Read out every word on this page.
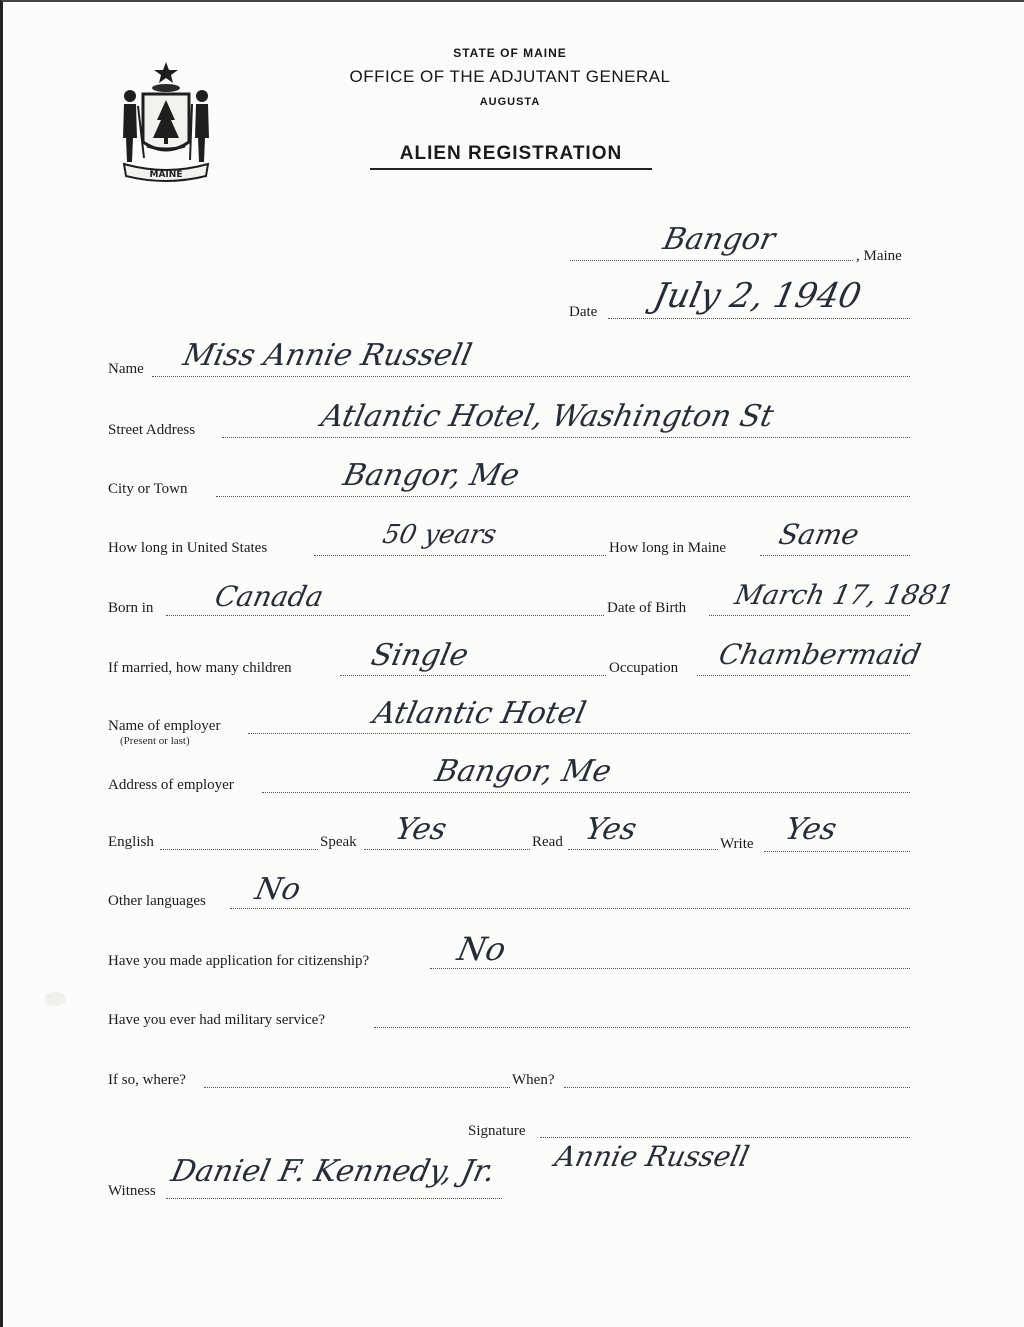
MAINE
STATE OF MAINE
OFFICE OF THE ADJUTANT GENERAL
AUGUSTA
ALIEN REGISTRATION
Bangor	, Maine
Date July 2, 1940
Name Miss Annie Russell
Street Address	Atlantic Hotel, Washington St
City or Town	Bangor, Me
How long in United States	50 years	How long in Maine Same
Born in Canada	Date of Birth March 17, 1881
If married, how many children	Single	Occupation Chambermaid
Name of employer
(Present or last)
Atlantic Hotel
Address of employer	Bangor, Me
English	Speak Yes	Read Yes	Write Yes
Other languages No
Have you made application for citizenship?	No
Have you ever had military service?
If so, where?	When?
Signature
Annie Russell
Witness
Daniel F. Kennedy, Jr.
